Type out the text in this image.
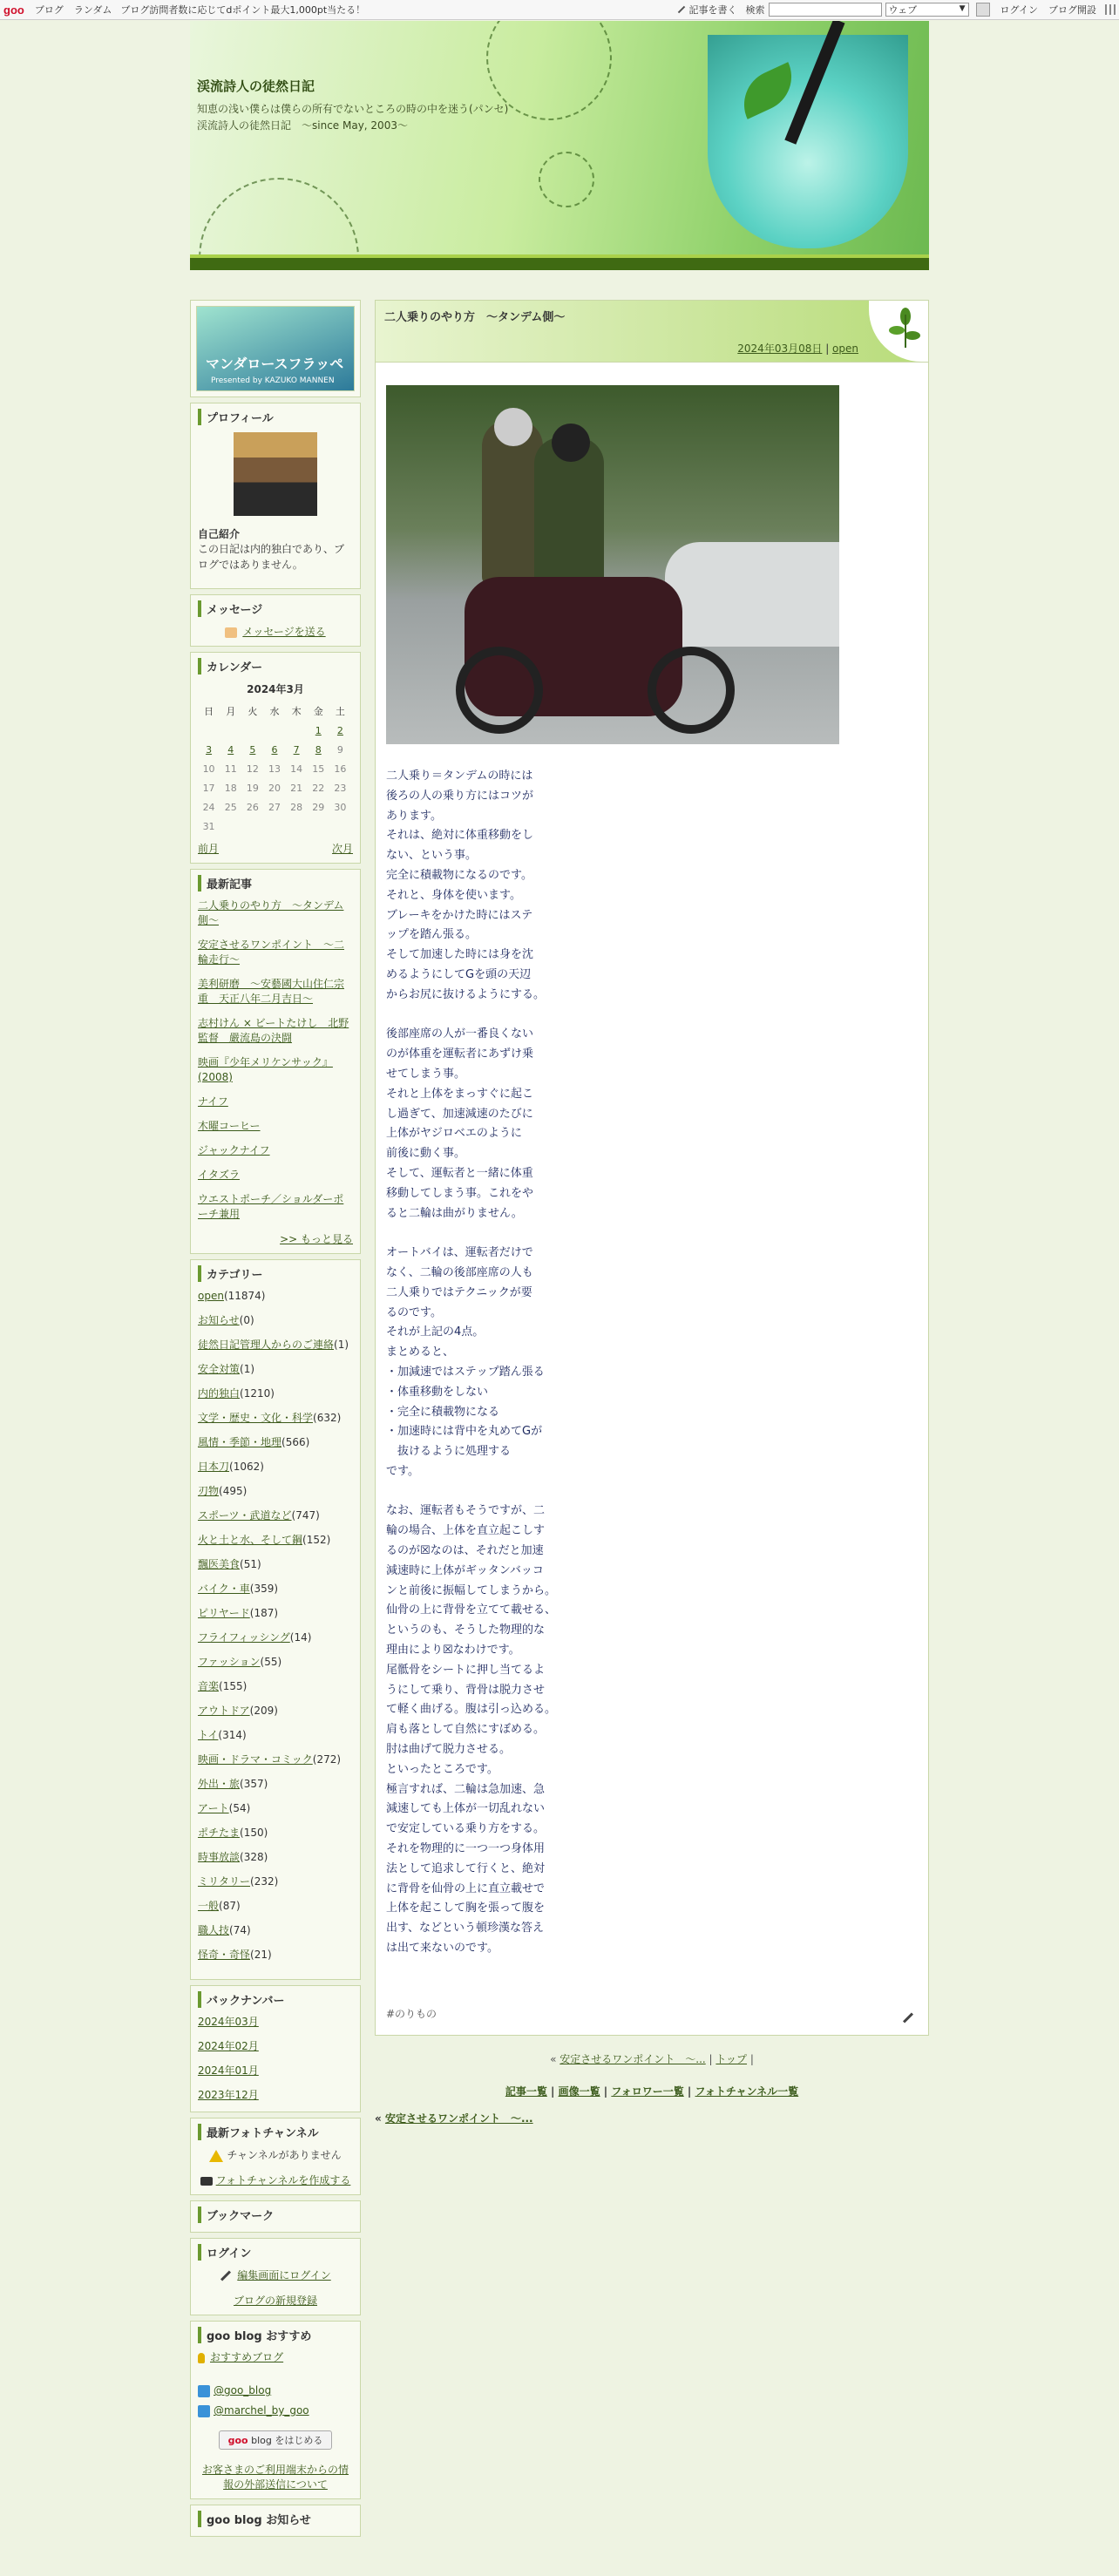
goo ブログ ランダム ブログ訪問者数に応じてdポイント最大1,000pt当たる！	記事を書く 検索	ウェブ	▼	ログイン ブログ開設
渓流詩人の徒然日記
知恵の浅い僕らは僕らの所有でないところの時の中を迷う(パンセ)　渓流詩人の徒然日記　～since May, 2003～
マンダロースフラッペ
Presented by KAZUKO MANNEN
プロフィール
自己紹介
この日記は内的独白であり、ブログではありません。
メッセージ
メッセージを送る
カレンダー
2024年3月
日	月	火	水	木	金	土
					1	2
3	4	5	6	7	8	9
10	11	12	13	14	15	16
17	18	19	20	21	22	23
24	25	26	27	28	29	30
31						
前月	次月
最新記事
二人乗りのやり方　～タンデム側～
安定させるワンポイント　～二輪走行～
美利研磨　～安藝國大山住仁宗重　天正八年二月吉日～
志村けん × ビートたけし　北野監督　嚴流島の決闘
映画『少年メリケンサック』(2008)
ナイフ
木曜コーヒー
ジャックナイフ
イタズラ
ウエストポーチ／ショルダーポーチ兼用
>> もっと見る
カテゴリー
open(11874)
お知らせ(0)
徒然日記管理人からのご連絡(1)
安全対策(1)
内的独白(1210)
文学・歴史・文化・科学(632)
風情・季節・地理(566)
日本刀(1062)
刃物(495)
スポーツ・武道など(747)
火と土と水、そして鋼(152)
飄医美食(51)
バイク・車(359)
ピリヤード(187)
フライフィッシング(14)
ファッション(55)
音楽(155)
アウトドア(209)
トイ(314)
映画・ドラマ・コミック(272)
外出・旅(357)
アート(54)
ポチたま(150)
時事放談(328)
ミリタリー(232)
一般(87)
職人技(74)
怪奇・奇怪(21)
バックナンバー
2024年03月
2024年02月
2024年01月
2023年12月
最新フォトチャンネル
チャンネルがありません
フォトチャンネルを作成する
ブックマーク
ログイン
編集画面にログイン
ブログの新規登録
goo blog おすすめ
おすすめブログ
@goo_blog
@marchel_by_goo
goo blog をはじめる
お客さまのご利用端末からの情報の外部送信について
goo blog お知らせ
二人乗りのやり方　～タンデム側～
2024年03月08日 | open
二人乗り＝タンデムの時には
後ろの人の乗り方にはコツが
あります。
それは、絶対に体重移動をし
ない、という事。
完全に積載物になるのです。
それと、身体を使います。
ブレーキをかけた時にはステ
ップを踏ん張る。
そして加速した時には身を沈
めるようにしてGを頭の天辺
からお尻に抜けるようにする。

後部座席の人が一番良くない
のが体重を運転者にあずけ乗
せてしまう事。
それと上体をまっすぐに起こ
し過ぎて、加速減速のたびに
上体がヤジロベエのように
前後に動く事。
そして、運転者と一緒に体重
移動してしまう事。これをや
ると二輪は曲がりません。

オートバイは、運転者だけで
なく、二輪の後部座席の人も
二人乗りではテクニックが要
るのです。
それが上記の4点。
まとめると、
・加減速ではステップ踏ん張る
・体重移動をしない
・完全に積載物になる
・加速時には背中を丸めてGが
　抜けるように処理する
です。

なお、運転者もそうですが、二
輪の場合、上体を直立起こしす
るのが☒なのは、それだと加速
減速時に上体がギッタンバッコ
ンと前後に振幅してしまうから。
仙骨の上に背骨を立てて載せる、
というのも、そうした物理的な
理由により☒なわけです。
尾骶骨をシートに押し当てるよ
うにして乗り、背骨は脱力させ
て軽く曲げる。腹は引っ込める。
肩も落として自然にすぼめる。
肘は曲げて脱力させる。
といったところです。
極言すれば、二輪は急加速、急
減速しても上体が一切乱れない
で安定している乗り方をする。
それを物理的に一つ一つ身体用
法として追求して行くと、絶対
に背骨を仙骨の上に直立載せで
上体を起こして胸を張って腹を
出す、などという頓珍漢な答え
は出て来ないのです。
#のりもの
« 安定させるワンポイント　～... | トップ |
記事一覧 | 画像一覧 | フォロワー一覧 | フォトチャンネル一覧
« 安定させるワンポイント　～...
